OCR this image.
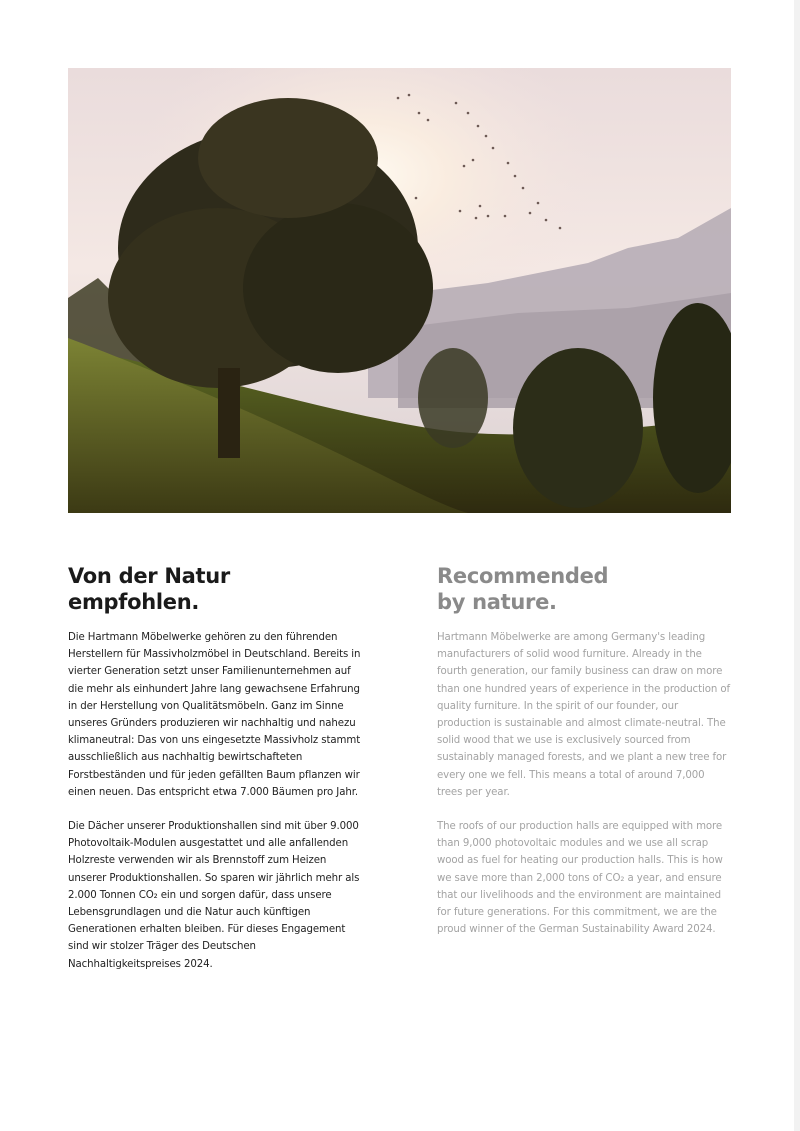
Von der Natur
empfohlen.

Die Hartmann Möbelwerke gehören zu den führenden Herstellern für Massivholzmöbel in Deutschland. Bereits in vierter Generation setzt unser Familienunternehmen auf die mehr als einhundert Jahre lang gewachsene Erfahrung in der Herstellung von Qualitätsmöbeln. Ganz im Sinne unseres Gründers produzieren wir nachhaltig und nahezu klimaneutral: Das von uns eingesetzte Massivholz stammt ausschließlich aus nachhaltig bewirtschafteten Forstbeständen und für jeden gefällten Baum pflanzen wir einen neuen. Das entspricht etwa 7.000 Bäumen pro Jahr.

Die Dächer unserer Produktionshallen sind mit über 9.000 Photovoltaik-Modulen ausgestattet und alle anfallenden Holzreste verwenden wir als Brennstoff zum Heizen unserer Produktionshallen. So sparen wir jährlich mehr als 2.000 Tonnen CO₂ ein und sorgen dafür, dass unsere Lebensgrundlagen und die Natur auch künftigen Generationen erhalten bleiben. Für dieses Engagement sind wir stolzer Träger des Deutschen Nachhaltigkeitspreises 2024.

Recommended
by nature.

Hartmann Möbelwerke are among Germany's leading manufacturers of solid wood furniture. Already in the fourth generation, our family business can draw on more than one hundred years of experience in the production of quality furniture. In the spirit of our founder, our production is sustainable and almost climate-neutral. The solid wood that we use is exclusively sourced from sustainably managed forests, and we plant a new tree for every one we fell. This means a total of around 7,000 trees per year.

The roofs of our production halls are equipped with more than 9,000 photovoltaic modules and we use all scrap wood as fuel for heating our production halls. This is how we save more than 2,000 tons of CO₂ a year, and ensure that our livelihoods and the environment are maintained for future generations. For this commitment, we are the proud winner of the German Sustainability Award 2024.
